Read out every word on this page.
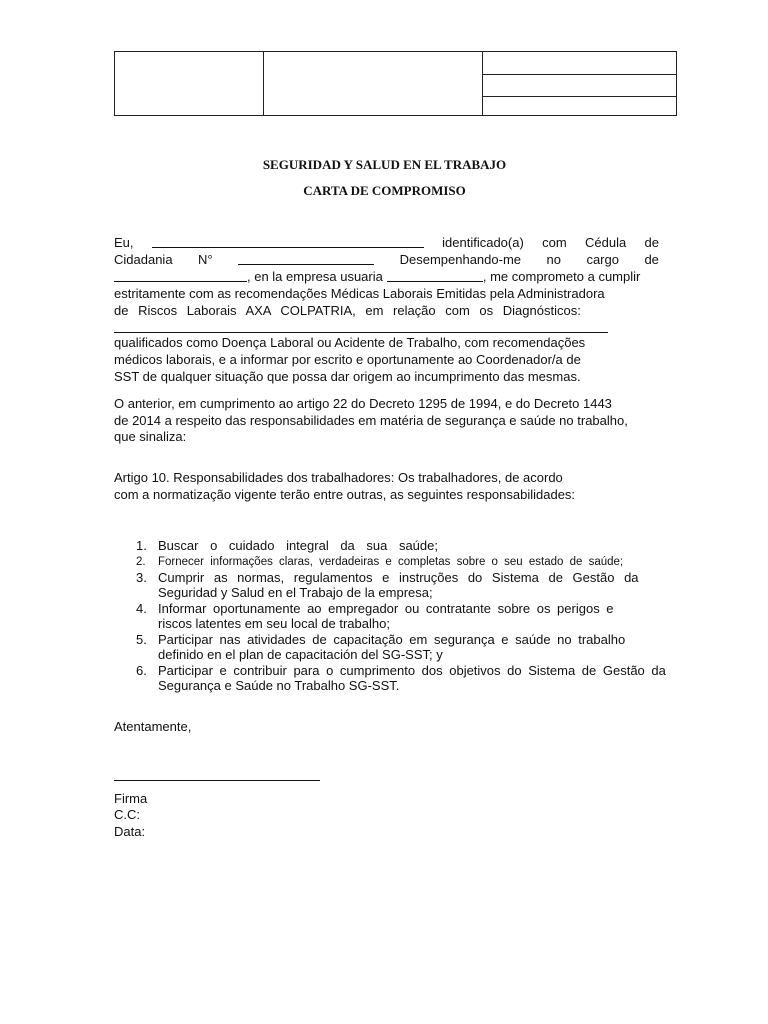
SEGURIDAD Y SALUD EN EL TRABAJO
CARTA DE COMPROMISO
Eu,	identificado(a) com Cédula de
Cidadania N°	Desempenhando-me no cargo de
, en la empresa usuaria	, me comprometo a cumplir
estritamente com as recomendações Médicas Laborais Emitidas pela Administradora
de Riscos Laborais AXA COLPATRIA, em relação com os Diagnósticos:
qualificados como Doença Laboral ou Acidente de Trabalho, com recomendações
médicos laborais, e a informar por escrito e oportunamente ao Coordenador/a de
SST de qualquer situação que possa dar origem ao incumprimento das mesmas.
O anterior, em cumprimento ao artigo 22 do Decreto 1295 de 1994, e do Decreto 1443
de 2014 a respeito das responsabilidades em matéria de segurança e saúde no trabalho,
que sinaliza:
Artigo 10. Responsabilidades dos trabalhadores: Os trabalhadores, de acordo
com a normatização vigente terão entre outras, as seguintes responsabilidades:
1. Buscar o cuidado integral da sua saúde;
2. Fornecer informações claras, verdadeiras e completas sobre o seu estado de saúde;
3. Cumprir as normas, regulamentos e instruções do Sistema de Gestão da
Seguridad y Salud en el Trabajo de la empresa;
4. Informar oportunamente ao empregador ou contratante sobre os perigos e
riscos latentes em seu local de trabalho;
5. Participar nas atividades de capacitação em segurança e saúde no trabalho
definido en el plan de capacitación del SG-SST; y
6. Participar e contribuir para o cumprimento dos objetivos do Sistema de Gestão da
Segurança e Saúde no Trabalho SG-SST.
Atentamente,
Firma
C.C:
Data:
